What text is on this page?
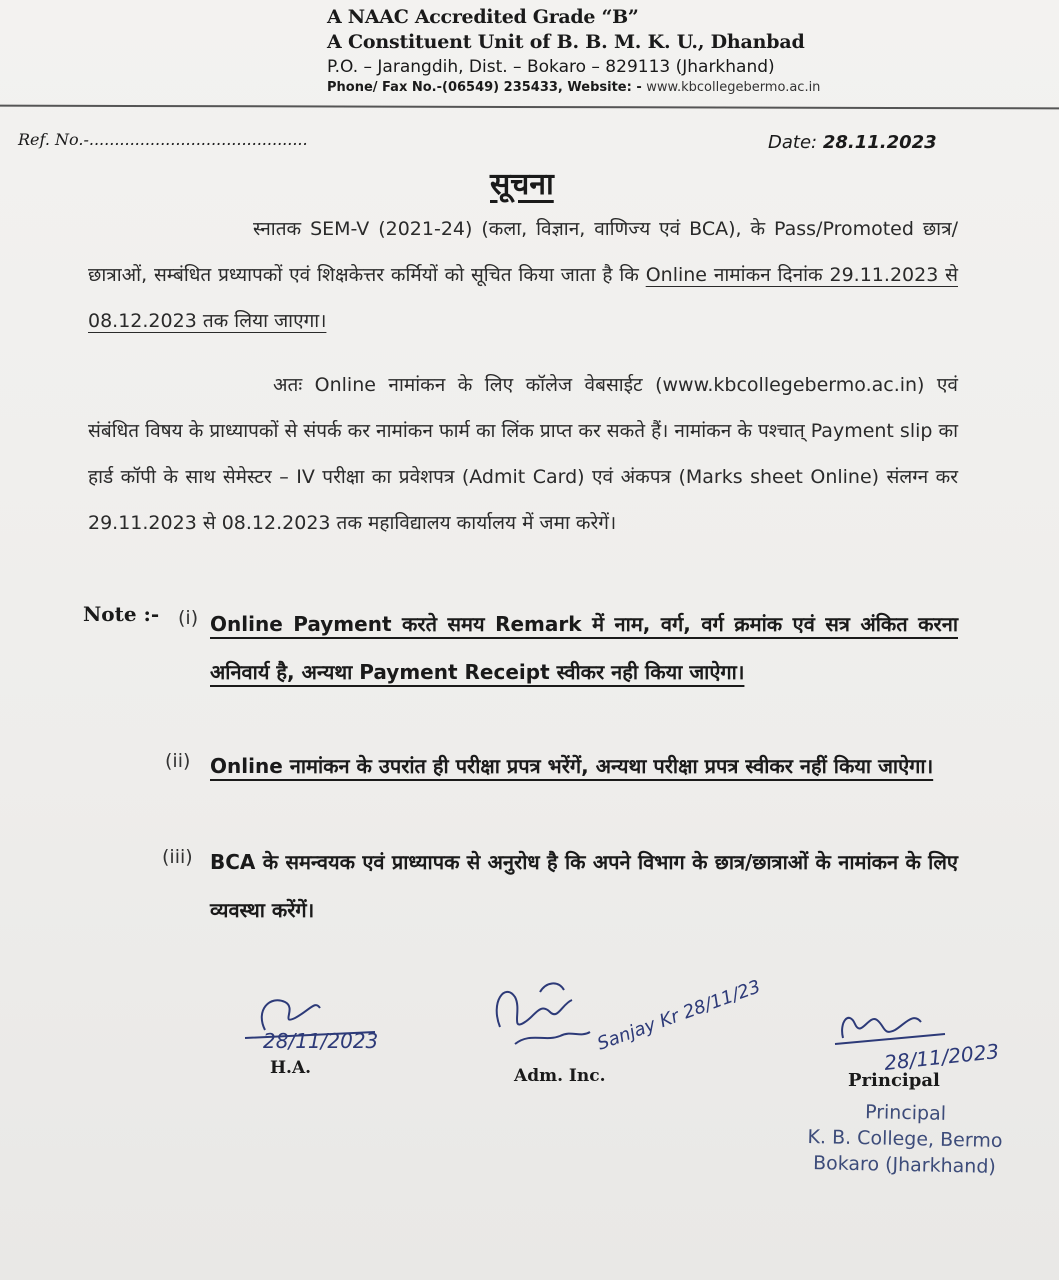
A NAAC Accredited Grade “B”
A Constituent Unit of B. B. M. K. U., Dhanbad
P.O. – Jarangdih, Dist. – Bokaro – 829113 (Jharkhand)
Phone/ Fax No.-(06549) 235433, Website: - www.kbcollegebermo.ac.in
Ref. No.-...........................................	Date: 28.11.2023
सूचना
स्नातक SEM-V (2021-24) (कला, विज्ञान, वाणिज्य एवं BCA), के Pass/Promoted छात्र/छात्राओं, सम्बंधित प्रध्यापकों एवं शिक्षकेत्तर कर्मियों को सूचित किया जाता है कि Online नामांकन दिनांक 29.11.2023 से 08.12.2023 तक लिया जाएगा।
अतः Online नामांकन के लिए कॉलेज वेबसाईट (www.kbcollegebermo.ac.in) एवं संबंधित विषय के प्राध्यापकों से संपर्क कर नामांकन फार्म का लिंक प्राप्त कर सकते हैं। नामांकन के पश्चात् Payment slip का हार्ड कॉपी के साथ सेमेस्टर – IV परीक्षा का प्रवेशपत्र (Admit Card) एवं अंकपत्र (Marks sheet Online) संलग्न कर 29.11.2023 से 08.12.2023 तक महाविद्यालय कार्यालय में जमा करेगें।
Note :- (i) Online Payment करते समय Remark में नाम, वर्ग, वर्ग क्रमांक एवं सत्र अंकित करना अनिवार्य है, अन्यथा Payment Receipt स्वीकर नही किया जाऐगा।
(ii) Online नामांकन के उपरांत ही परीक्षा प्रपत्र भरेंगें, अन्यथा परीक्षा प्रपत्र स्वीकर नहीं किया जाऐगा।
(iii) BCA के समन्वयक एवं प्राध्यापक से अनुरोध है कि अपने विभाग के छात्र/छात्राओं के नामांकन के लिए व्यवस्था करेंगें।
28/11/2023
H.A.
Sanjay Kr 28/11/23
Adm. Inc.
28/11/2023
Principal
Principal
K. B. College, Bermo
Bokaro (Jharkhand)
